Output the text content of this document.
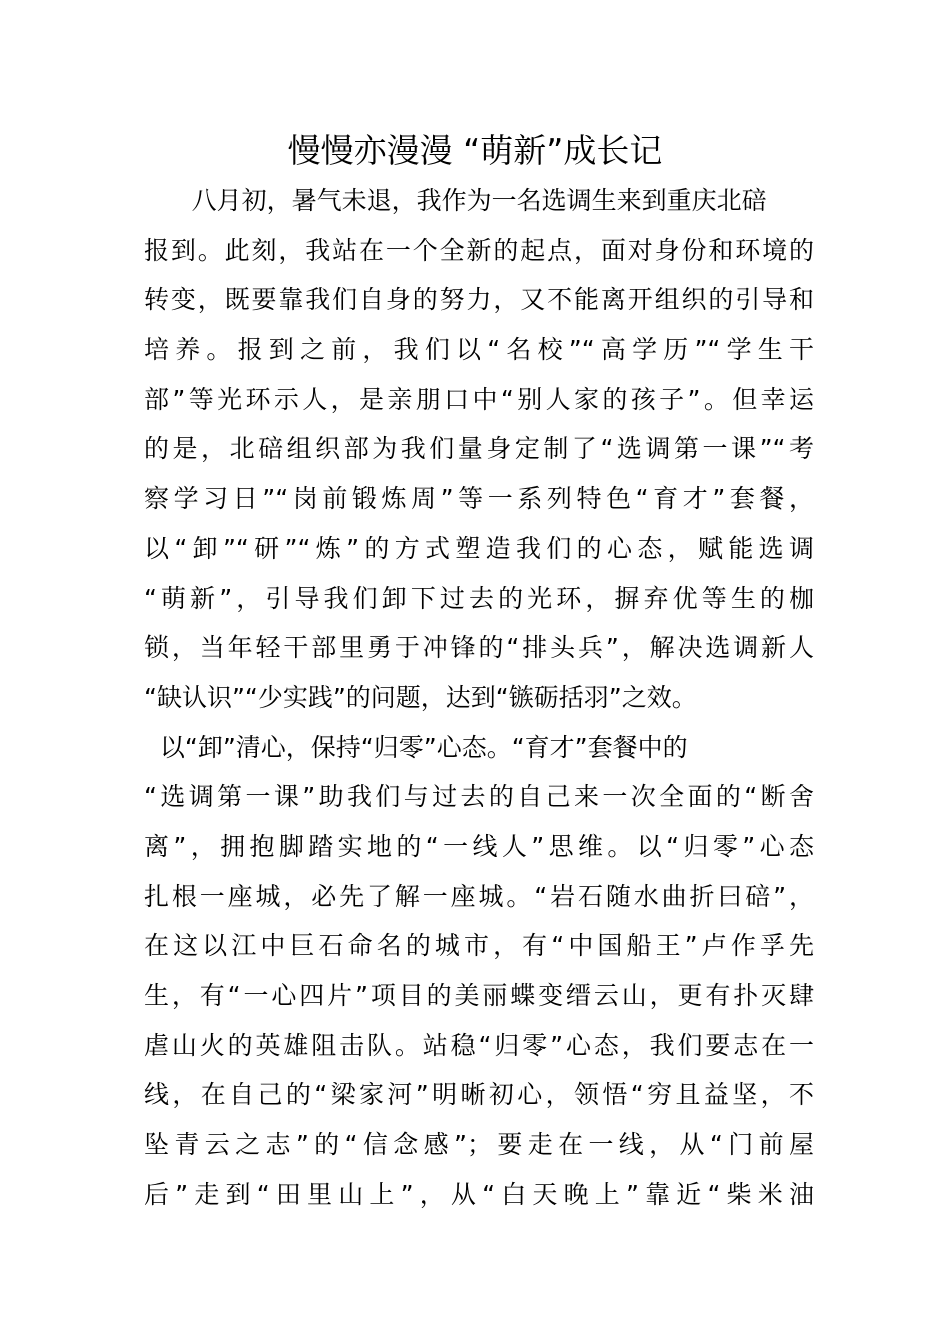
慢慢亦漫漫 “萌新”成长记
八月初，暑气未退，我作为一名选调生来到重庆北碚
报到。此刻，我站在一个全新的起点，面对身份和环境的
转变，既要靠我们自身的努力，又不能离开组织的引导和
培养。报到之前，我们以“名校”“高学历”“学生干
部”等光环示人，是亲朋口中“别人家的孩子”。但幸运
的是，北碚组织部为我们量身定制了“选调第一课”“考
察学习日”“岗前锻炼周”等一系列特色“育才”套餐，
以“卸”“研”“炼”的方式塑造我们的心态，赋能选调
“萌新”，引导我们卸下过去的光环，摒弃优等生的枷
锁，当年轻干部里勇于冲锋的“排头兵”，解决选调新人
“缺认识”“少实践”的问题，达到“镞砺括羽”之效。
以“卸”清心，保持“归零”心态。“育才”套餐中的
“选调第一课”助我们与过去的自己来一次全面的“断舍
离”，拥抱脚踏实地的“一线人”思维。以“归零”心态
扎根一座城，必先了解一座城。“岩石随水曲折曰碚”，
在这以江中巨石命名的城市，有“中国船王”卢作孚先
生，有“一心四片”项目的美丽蝶变缙云山，更有扑灭肆
虐山火的英雄阻击队。站稳“归零”心态，我们要志在一
线，在自己的“梁家河”明晰初心，领悟“穷且益坚，不
坠青云之志”的“信念感”；要走在一线，从“门前屋
后”走到“田里山上”，从“白天晚上”靠近“柴米油
